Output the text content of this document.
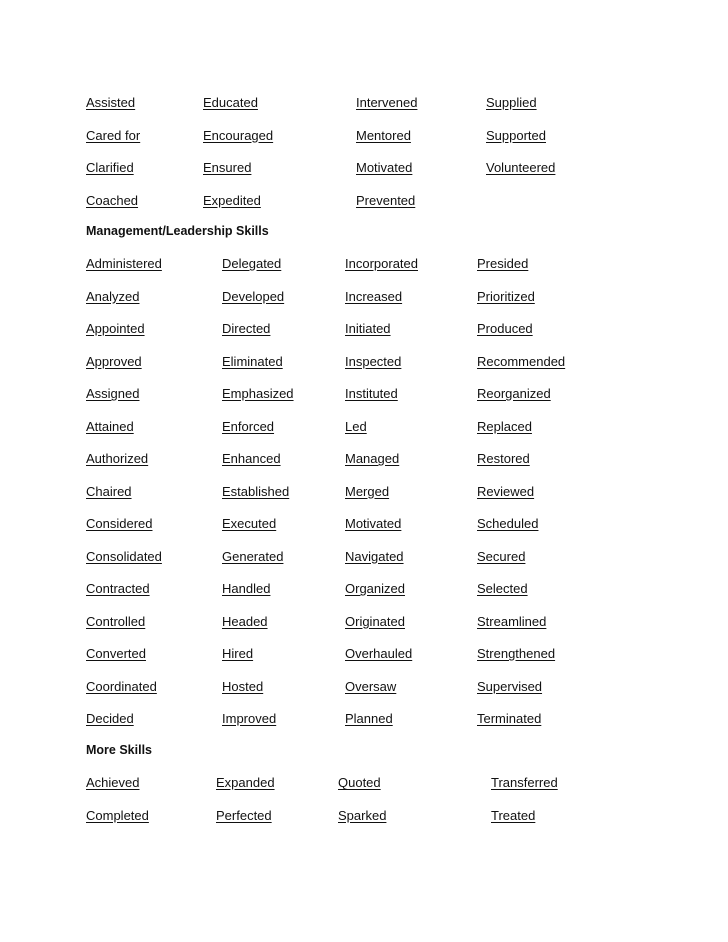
Assisted	Educated	Intervened	Supplied
Cared for	Encouraged	Mentored	Supported
Clarified	Ensured	Motivated	Volunteered
Coached	Expedited	Prevented
Management/Leadership Skills
Administered	Delegated	Incorporated	Presided
Analyzed	Developed	Increased	Prioritized
Appointed	Directed	Initiated	Produced
Approved	Eliminated	Inspected	Recommended
Assigned	Emphasized	Instituted	Reorganized
Attained	Enforced	Led	Replaced
Authorized	Enhanced	Managed	Restored
Chaired	Established	Merged	Reviewed
Considered	Executed	Motivated	Scheduled
Consolidated	Generated	Navigated	Secured
Contracted	Handled	Organized	Selected
Controlled	Headed	Originated	Streamlined
Converted	Hired	Overhauled	Strengthened
Coordinated	Hosted	Oversaw	Supervised
Decided	Improved	Planned	Terminated
More Skills
Achieved	Expanded	Quoted	Transferred
Completed	Perfected	Sparked	Treated
